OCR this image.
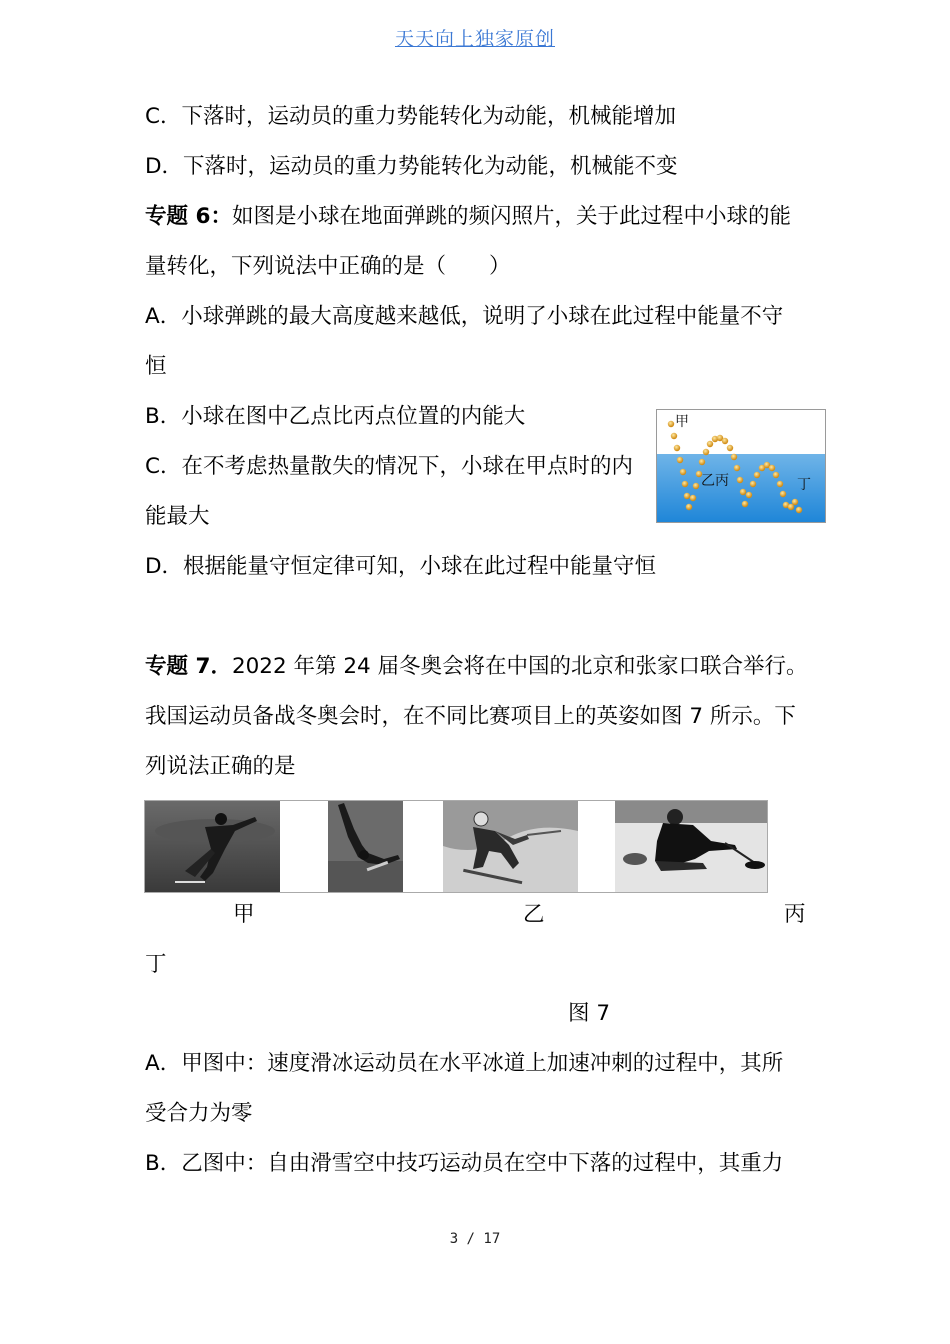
天天向上独家原创
C．下落时，运动员的重力势能转化为动能，机械能增加
D．下落时，运动员的重力势能转化为动能，机械能不变
专题 6：如图是小球在地面弹跳的频闪照片，关于此过程中小球的能
量转化，下列说法中正确的是（　　）
A．小球弹跳的最大高度越来越低，说明了小球在此过程中能量不守
恒
B．小球在图中乙点比丙点位置的内能大
C．在不考虑热量散失的情况下，小球在甲点时的内
能最大
D．根据能量守恒定律可知，小球在此过程中能量守恒
甲
乙丙	丁
专题 7．2022 年第 24 届冬奥会将在中国的北京和张家口联合举行。
我国运动员备战冬奥会时，在不同比赛项目上的英姿如图 7 所示。下
列说法正确的是
甲	乙	丙
丁
图 7
A．甲图中：速度滑冰运动员在水平冰道上加速冲刺的过程中，其所
受合力为零
B．乙图中：自由滑雪空中技巧运动员在空中下落的过程中，其重力
3 / 17
